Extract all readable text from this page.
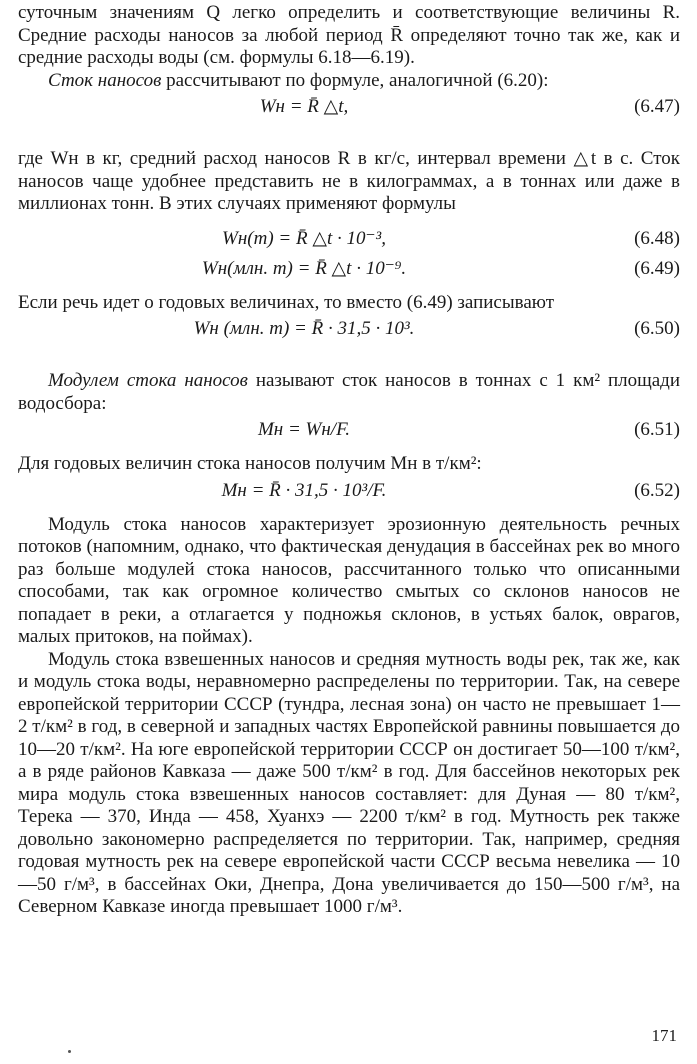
суточным значениям Q легко определить и соответствующие величины R. Средние расходы наносов за любой период R̄ определяют точно так же, как и средние расходы воды (см. формулы 6.18—6.19).

Сток наносов рассчитывают по формуле, аналогичной (6.20):

Wн = R̄ △t,	(6.47)

где Wн в кг, средний расход наносов R в кг/с, интервал времени △t в с. Сток наносов чаще удобнее представить не в килограммах, а в тоннах или даже в миллионах тонн. В этих случаях применяют формулы

Wн(т) = R̄ △t · 10⁻³,	(6.48)
Wн(млн. т) = R̄ △t · 10⁻⁹.	(6.49)

Если речь идет о годовых величинах, то вместо (6.49) записывают

Wн (млн. т) = R̄ · 31,5 · 10³.	(6.50)

Модулем стока наносов называют сток наносов в тоннах с 1 км² площади водосбора:

Mн = Wн/F.	(6.51)

Для годовых величин стока наносов получим Mн в т/км²:

Mн = R̄ · 31,5 · 10³/F.	(6.52)

Модуль стока наносов характеризует эрозионную деятельность речных потоков (напомним, однако, что фактическая денудация в бассейнах рек во много раз больше модулей стока наносов, рассчитанного только что описанными способами, так как огромное количество смытых со склонов наносов не попадает в реки, а отлагается у подножья склонов, в устьях балок, оврагов, малых притоков, на поймах).

Модуль стока взвешенных наносов и средняя мутность воды рек, так же, как и модуль стока воды, неравномерно распределены по территории. Так, на севере европейской территории СССР (тундра, лесная зона) он часто не превышает 1—2 т/км² в год, в северной и западных частях Европейской равнины повышается до 10—20 т/км². На юге европейской территории СССР он достигает 50—100 т/км², а в ряде районов Кавказа — даже 500 т/км² в год. Для бассейнов некоторых рек мира модуль стока взвешенных наносов составляет: для Дуная — 80 т/км², Терека — 370, Инда — 458, Хуанхэ — 2200 т/км² в год. Мутность рек также довольно закономерно распределяется по территории. Так, например, средняя годовая мутность рек на севере европейской части СССР весьма невелика — 10—50 г/м³, в бассейнах Оки, Днепра, Дона увеличивается до 150—500 г/м³, на Северном Кавказе иногда превышает 1000 г/м³.

171
